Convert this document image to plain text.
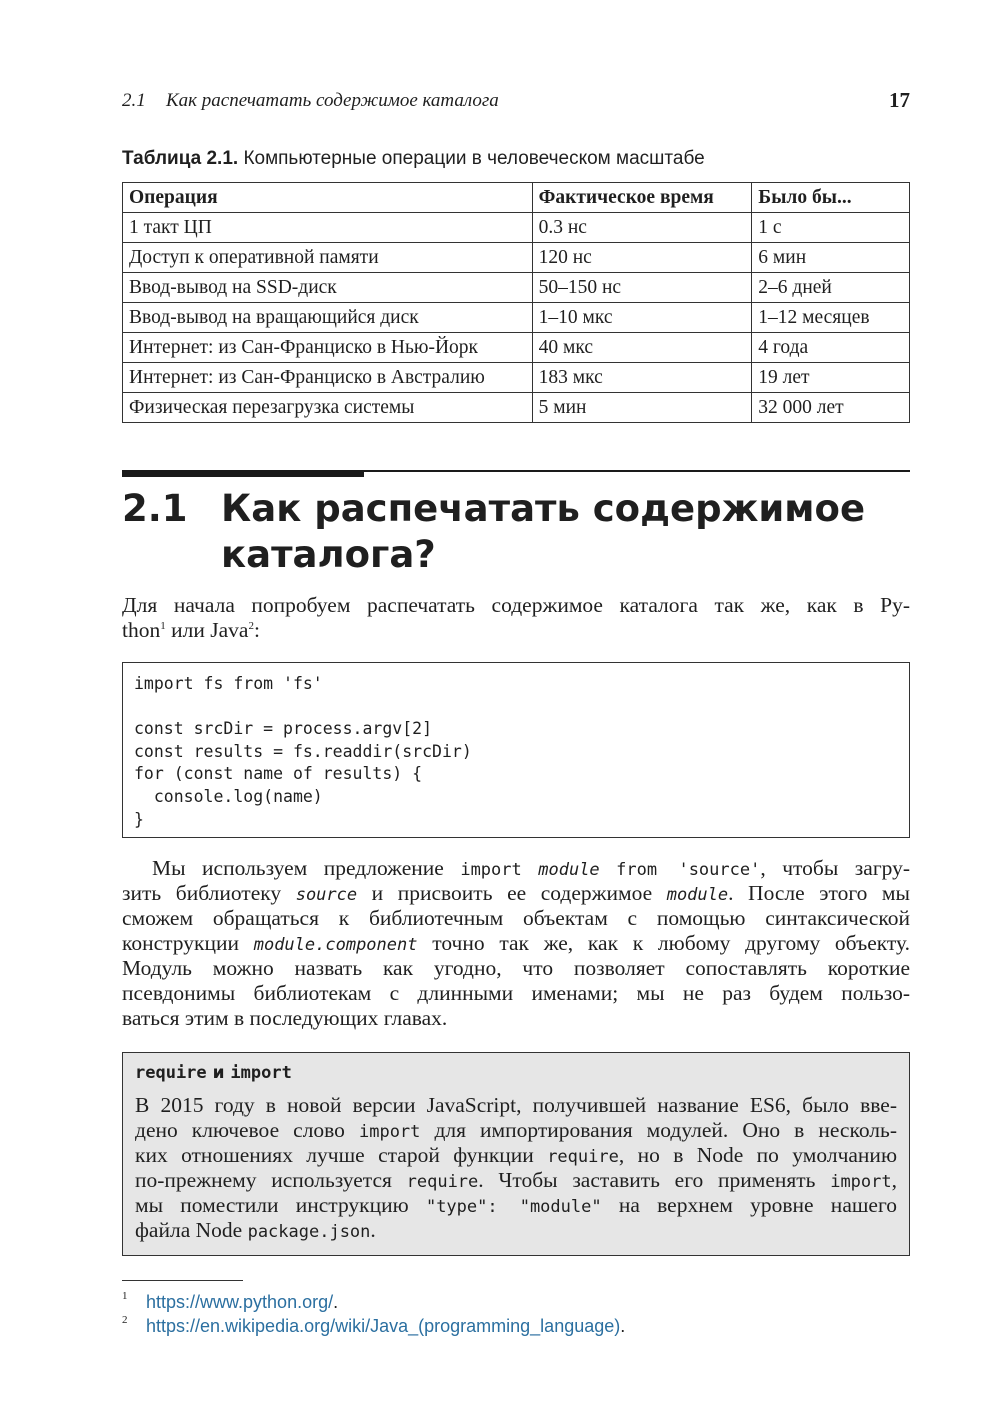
2.1 Как распечатать содержимое каталога	17
Таблица 2.1. Компьютерные операции в человеческом масштабе
Операция	Фактическое время	Было бы...
1 такт ЦП	0.3 нс	1 с
Доступ к оперативной памяти	120 нс	6 мин
Ввод-вывод на SSD-диск	50–150 нс	2–6 дней
Ввод-вывод на вращающийся диск	1–10 мкс	1–12 месяцев
Интернет: из Сан-Франциско в Нью-Йорк	40 мкс	4 года
Интернет: из Сан-Франциско в Австралию	183 мкс	19 лет
Физическая перезагрузка системы	5 мин	32 000 лет
2.1 Как распечатать содержимое
каталога?
Для начала попробуем распечатать содержимое каталога так же, как в Py-
thon$^1$ или Java$^2$:
import fs from 'fs'

const srcDir = process.argv[2]
const results = fs.readdir(srcDir)
for (const name of results) {
console.log(name)
}
Мы используем предложение import module from 'source', чтобы загру-
зить библиотеку source и присвоить ее содержимое module. После этого мы
сможем обращаться к библиотечным объектам с помощью синтаксической
конструкции module.component точно так же, как к любому другому объекту.
Модуль можно назвать как угодно, что позволяет сопоставлять короткие
псевдонимы библиотекам с длинными именами; мы не раз будем пользо-
ваться этим в последующих главах.
require и import
В 2015 году в новой версии JavaScript, получившей название ES6, было вве-
дено ключевое слово import для импортирования модулей. Оно в несколь-
ких отношениях лучше старой функции require, но в Node по умолчанию
по-прежнему используется require. Чтобы заставить его применять import,
мы поместили инструкцию "type": "module" на верхнем уровне нашего
файла Node package.json.
1 https://www.python.org/.
2 https://en.wikipedia.org/wiki/Java_(programming_language).
